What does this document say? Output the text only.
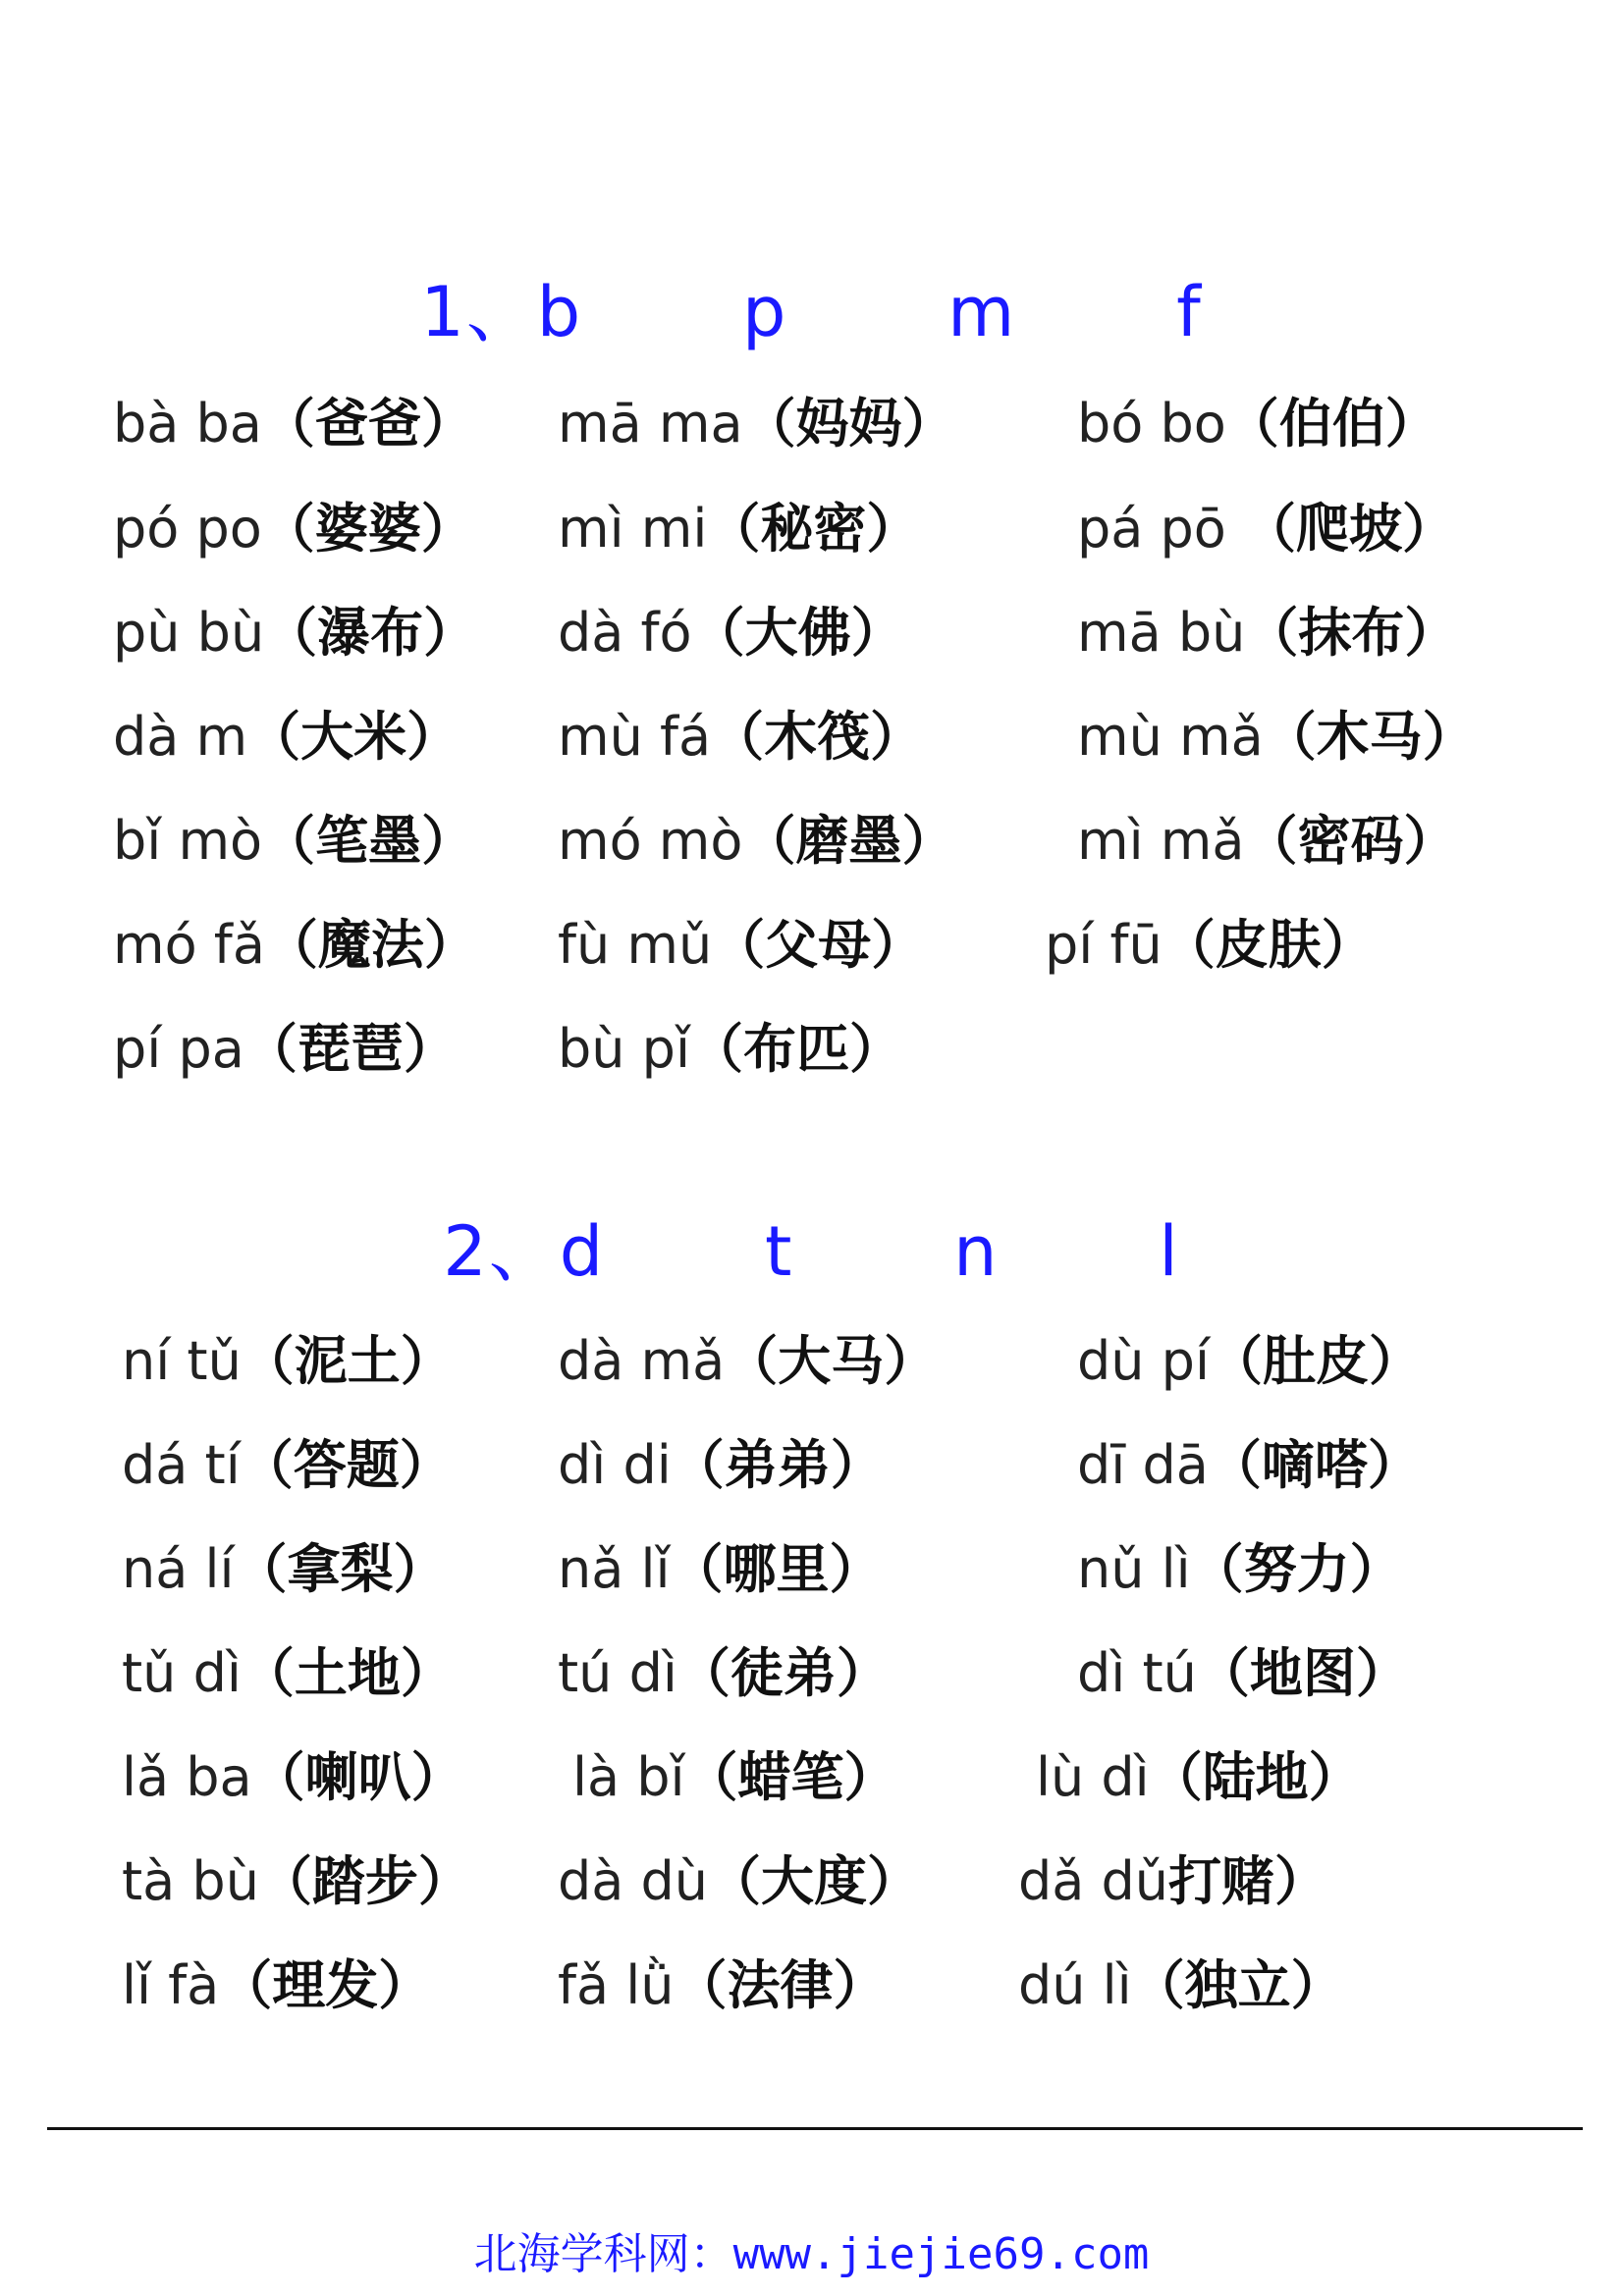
1、b   p   m   f
bà ba（爸爸） mā ma（妈妈） bó bo（伯伯）
pó po（婆婆） mì mi（秘密）	pá pō （爬坡）
pù bù（瀑布） dà fó（大佛）	mā bù（抹布）
dà m（大米） mù fá（木筏）	mù mǎ（木马）
bǐ mò（笔墨） mó mò（磨墨） mì mǎ（密码）
mó fǎ（魔法） fù mǔ（父母） pí fū（皮肤）
pí pa（琵琶） bù pǐ（布匹）
2、d   t   n   l
ní tǔ（泥土） dà mǎ（大马）	dù pí（肚皮）
dá tí（答题） dì di（弟弟）	dī dā（嘀嗒）
ná lí（拿梨） nǎ lǐ（哪里）	nǔ lì（努力）
tǔ dì（土地） tú dì（徒弟）	dì tú（地图）
lǎ ba（喇叭） là bǐ（蜡笔）	lù dì（陆地）
tà bù（踏步） dà dù（大度） dǎ dǔ打赌）
lǐ fà（理发） fǎ lǜ（法律） dú lì（独立）
北海学科网：www.jiejie69.com
